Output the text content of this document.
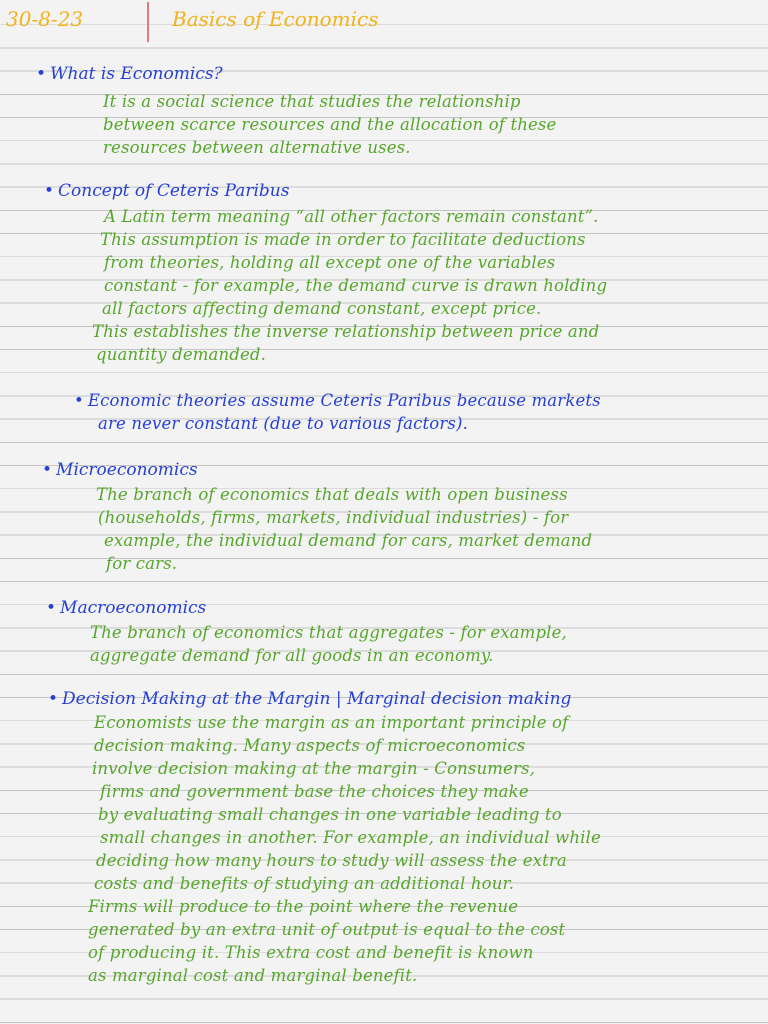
30-8-23	Basics of Economics
• What is Economics?
It is a social science that studies the relationship
between scarce resources and the allocation of these
resources between alternative uses.
• Concept of Ceteris Paribus
A Latin term meaning “all other factors remain constant”.
This assumption is made in order to facilitate deductions
from theories, holding all except one of the variables
constant - for example, the demand curve is drawn holding
all factors affecting demand constant, except price.
This establishes the inverse relationship between price and
quantity demanded.
• Economic theories assume Ceteris Paribus because markets
are never constant (due to various factors).
• Microeconomics
The branch of economics that deals with open business
(households, firms, markets, individual industries) - for
example, the individual demand for cars, market demand
for cars.
• Macroeconomics
The branch of economics that aggregates - for example,
aggregate demand for all goods in an economy.
• Decision Making at the Margin | Marginal decision making
Economists use the margin as an important principle of
decision making. Many aspects of microeconomics
involve decision making at the margin - Consumers,
firms and government base the choices they make
by evaluating small changes in one variable leading to
small changes in another. For example, an individual while
deciding how many hours to study will assess the extra
costs and benefits of studying an additional hour.
Firms will produce to the point where the revenue
generated by an extra unit of output is equal to the cost
of producing it. This extra cost and benefit is known
as marginal cost and marginal benefit.
